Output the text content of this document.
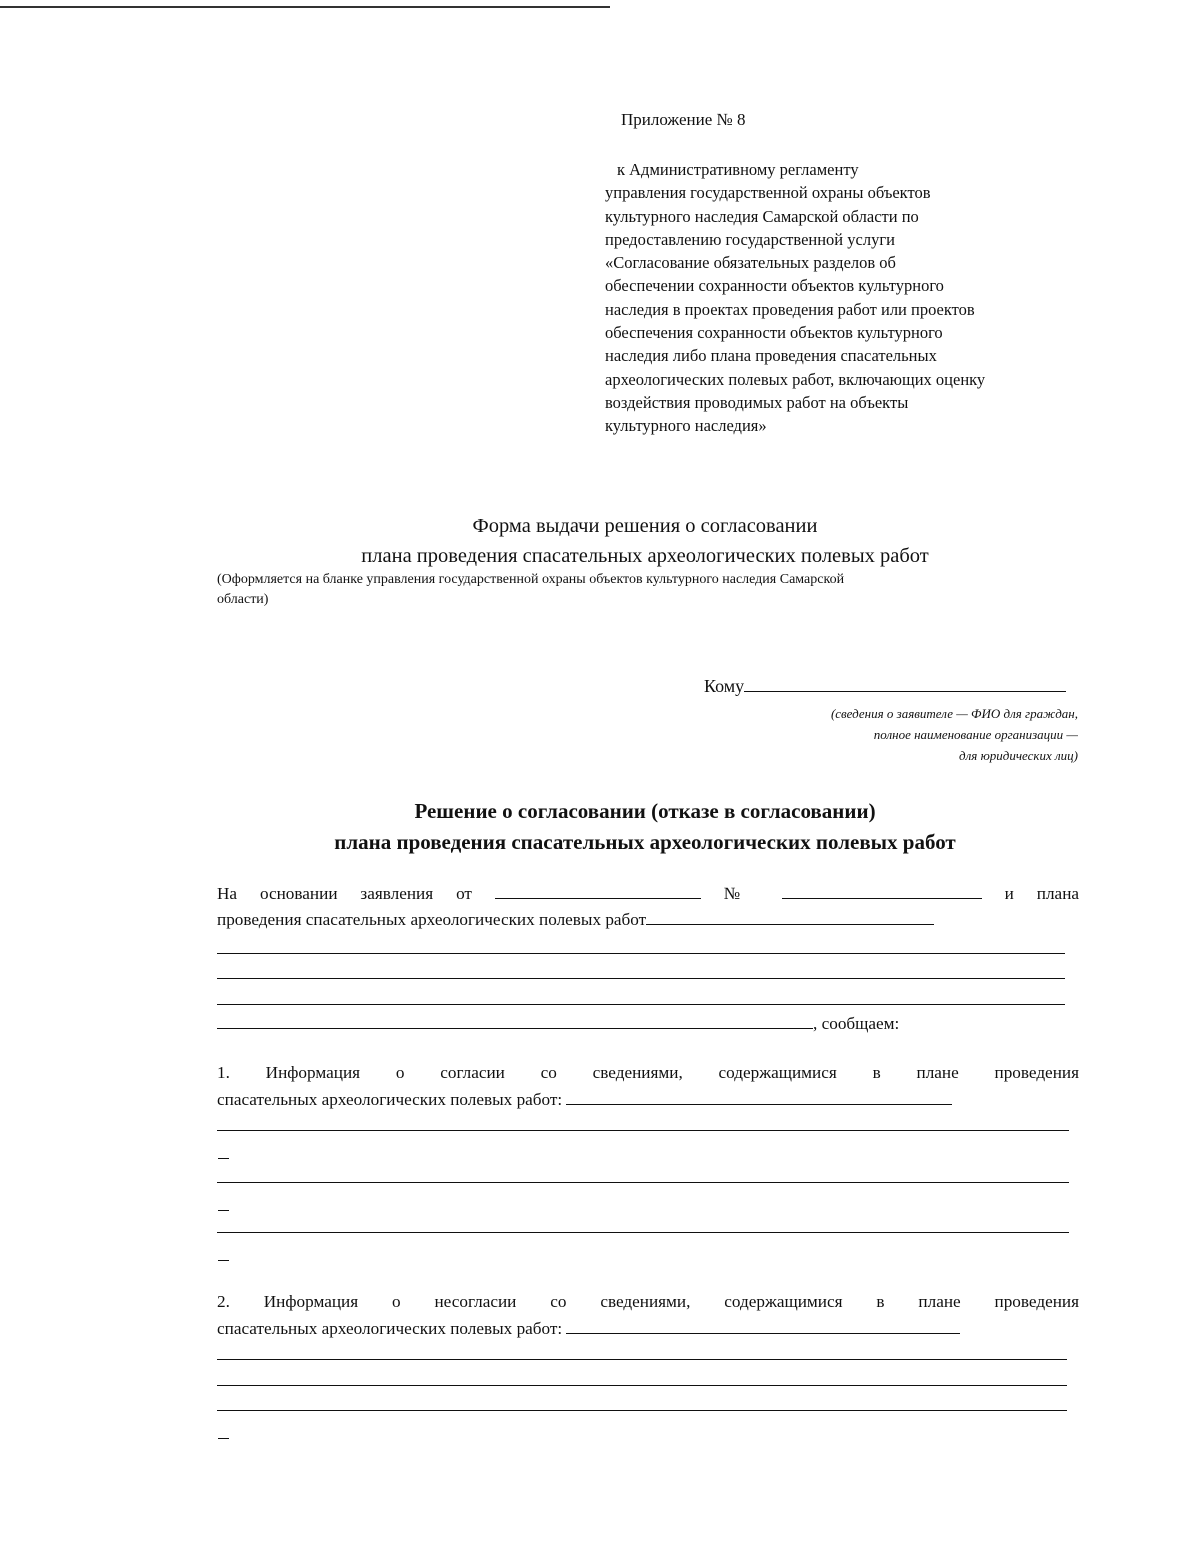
Приложение № 8
к Административному регламенту
управления государственной охраны объектов
культурного наследия Самарской области по
предоставлению государственной услуги
«Согласование обязательных разделов об
обеспечении сохранности объектов культурного
наследия в проектах проведения работ или проектов
обеспечения сохранности объектов культурного
наследия либо плана проведения спасательных
археологических полевых работ, включающих оценку
воздействия проводимых работ на объекты
культурного наследия»
Форма выдачи решения о согласовании
плана проведения спасательных археологических полевых работ
(Оформляется на бланке управления государственной охраны объектов культурного наследия Самарской
области)
Кому
(сведения о заявителе — ФИО для граждан,
полное наименование организации —
для юридических лиц)
Решение о согласовании (отказе в согласовании)
плана проведения спасательных археологических полевых работ
На основании заявления от	№	и плана
проведения спасательных археологических полевых работ
, сообщаем:
1. Информация о согласии со сведениями, содержащимися в плане проведения
спасательных археологических полевых работ:
2. Информация о несогласии со сведениями, содержащимися в плане проведения
спасательных археологических полевых работ:
